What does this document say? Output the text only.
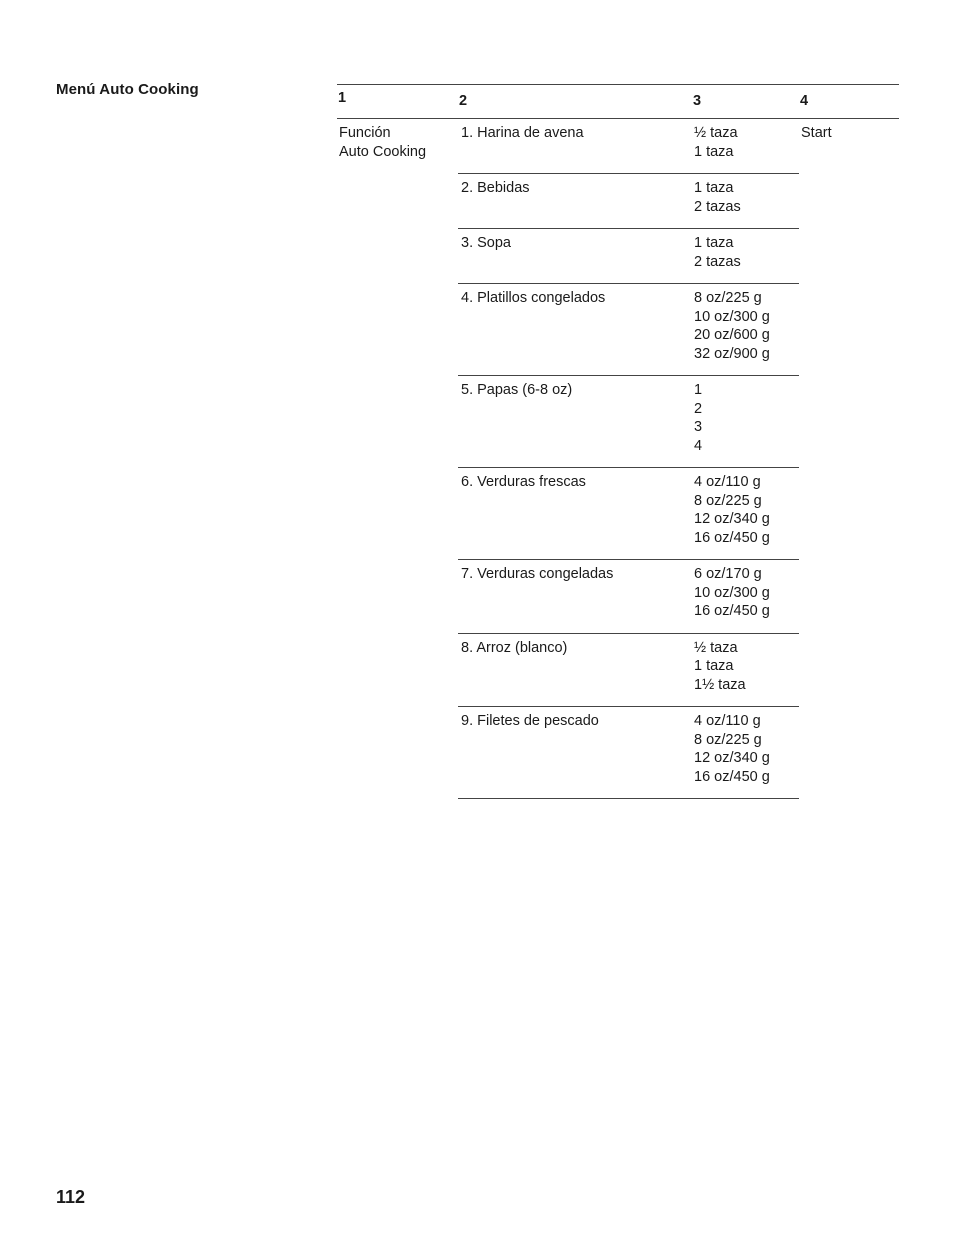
Menú Auto Cooking	1	2	3	4

Función
Auto Cooking	1. Harina de avena	½ taza
1 taza	Start
	2. Bebidas	1 taza
2 tazas	

	3. Sopa	1 taza
2 tazas	

	4. Platillos congelados	8 oz/225 g
10 oz/300 g
20 oz/600 g
32 oz/900 g	

	5. Papas (6-8 oz)	1
2
3
4	

	6. Verduras frescas	4 oz/110 g
8 oz/225 g
12 oz/340 g
16 oz/450 g	

	7. Verduras congeladas	6 oz/170 g
10 oz/300 g
16 oz/450 g	

	8. Arroz (blanco)	½ taza
1 taza
1½ taza	

	9. Filetes de pescado	4 oz/110 g
8 oz/225 g
12 oz/340 g
16 oz/450 g	
112
